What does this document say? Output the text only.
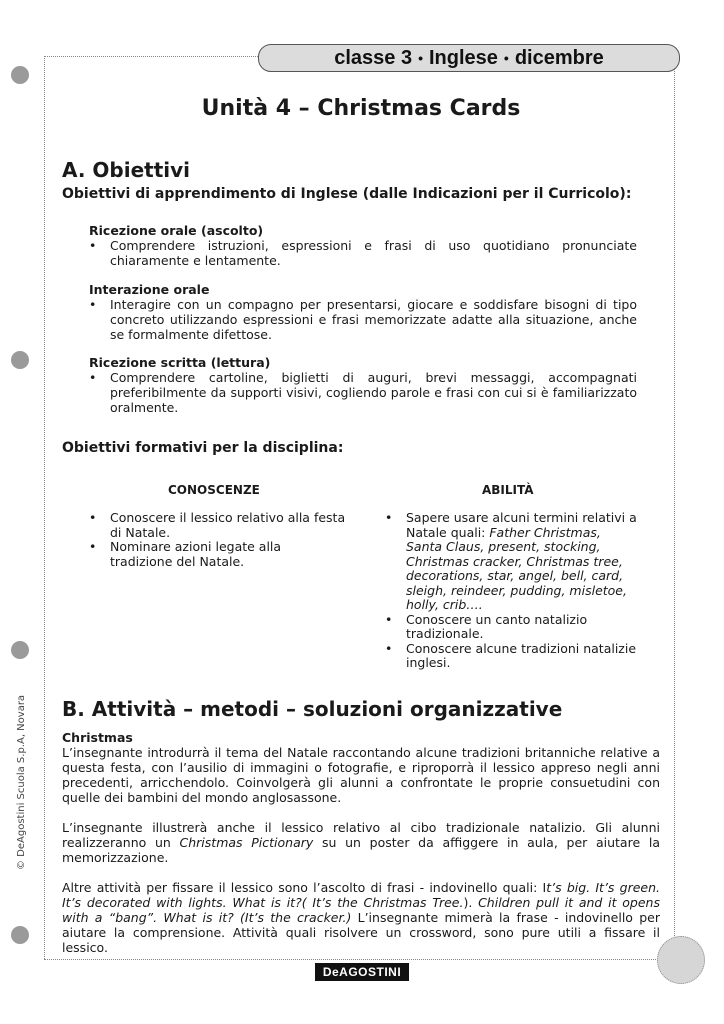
classe 3 • Inglese • dicembre
© DeAgostini Scuola S.p.A, Novara
Unità 4 – Christmas Cards
A. Obiettivi
Obiettivi di apprendimento di Inglese (dalle Indicazioni per il Curricolo):
Ricezione orale (ascolto)
• Comprendere istruzioni, espressioni e frasi di uso quotidiano pronunciate chiaramente e lentamente.
Interazione orale
• Interagire con un compagno per presentarsi, giocare e soddisfare bisogni di tipo concreto utilizzando espressioni e frasi memorizzate adatte alla situazione, anche se formalmente difettose.
Ricezione scritta (lettura)
• Comprendere cartoline, biglietti di auguri, brevi messaggi, accompagnati preferibilmente da supporti visivi, cogliendo parole e frasi con cui si è familiarizzato oralmente.
Obiettivi formativi per la disciplina:
CONOSCENZE	ABILITÀ
• Conoscere il lessico relativo alla festa di Natale.
• Nominare azioni legate alla tradizione del Natale.
• Sapere usare alcuni termini relativi a Natale quali: Father Christmas, Santa Claus, present, stocking, Christmas cracker, Christmas tree, decorations, star, angel, bell, card, sleigh, reindeer, pudding, misletoe, holly, crib….
• Conoscere un canto natalizio tradizionale.
• Conoscere alcune tradizioni natalizie inglesi.
B. Attività – metodi – soluzioni organizzative
Christmas

L’insegnante introdurrà il tema del Natale raccontando alcune tradizioni britanniche relative a questa festa, con l’ausilio di immagini o fotografie, e riproporrà il lessico appreso negli anni precedenti, arricchendolo. Coinvolgerà gli alunni a confrontate le proprie consuetudini con quelle dei bambini del mondo anglosassone.

L’insegnante illustrerà anche il lessico relativo al cibo tradizionale natalizio. Gli alunni realizzeranno un Christmas Pictionary su un poster da affiggere in aula, per aiutare la memorizzazione.

Altre attività per fissare il lessico sono l’ascolto di frasi - indovinello quali: It’s big. It’s green. It’s decorated with lights. What is it?( It’s the Christmas Tree.). Children pull it and it opens with a “bang”. What is it? (It’s the cracker.) L’insegnante mimerà la frase - indovinello per aiutare la comprensione. Attività quali risolvere un crossword, sono pure utili a fissare il lessico.

DeAGOSTINI
